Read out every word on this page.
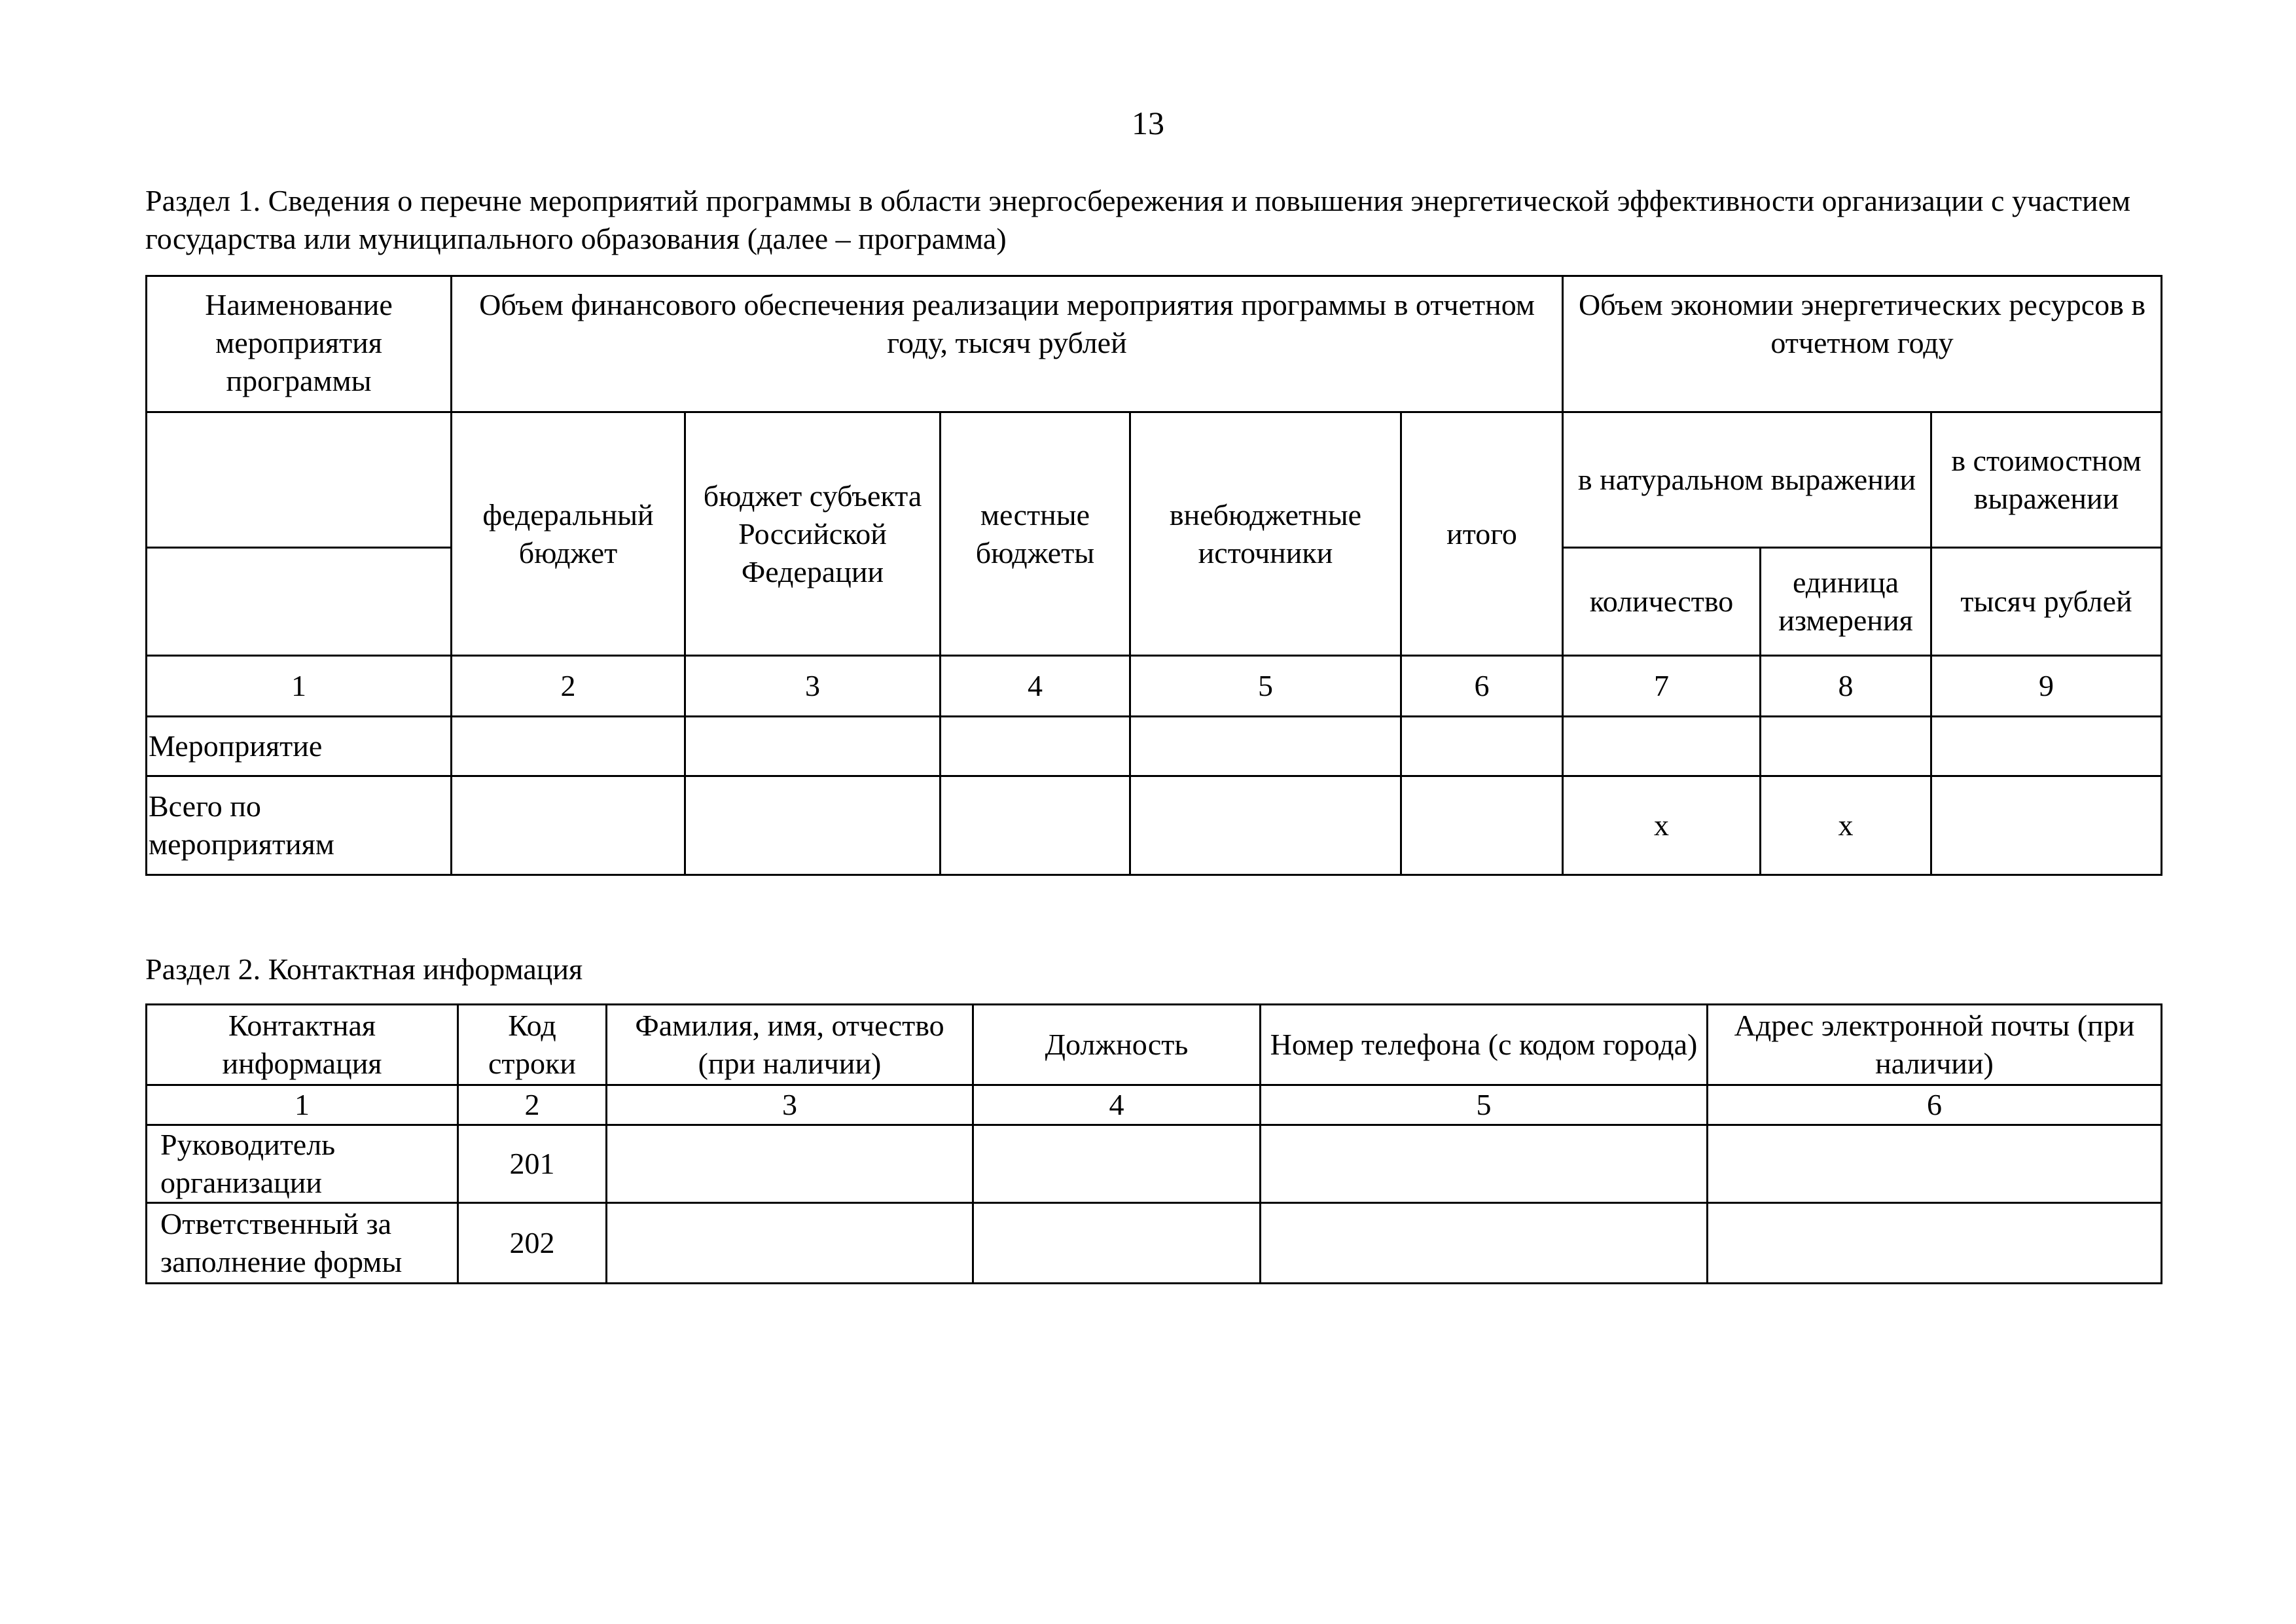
13
Раздел 1. Сведения о перечне мероприятий программы в области энергосбережения и повышения энергетической эффективности организации с участием государства или муниципального образования (далее – программа)
Наименование мероприятия программы	Объем финансового обеспечения реализации мероприятия программы в отчетном году, тысяч рублей					Объем экономии энергетических ресурсов в отчетном году		
	федеральный бюджет	бюджет субъекта Российской Федерации	местные бюджеты	внебюджетные источники	итого	в натуральном выражении		в стоимостном выражении
						количество	единица измерения	тысяч рублей
1	2	3	4	5	6	7	8	9
Мероприятие								
Всего по мероприятиям						х	х	
Раздел 2. Контактная информация
Контактная информация	Код строки	Фамилия, имя, отчество (при наличии)	Должность	Номер телефона (с кодом города)	Адрес электронной почты (при наличии)
1	2	3	4	5	6
Руководитель организации	201				
Ответственный за заполнение формы	202				
